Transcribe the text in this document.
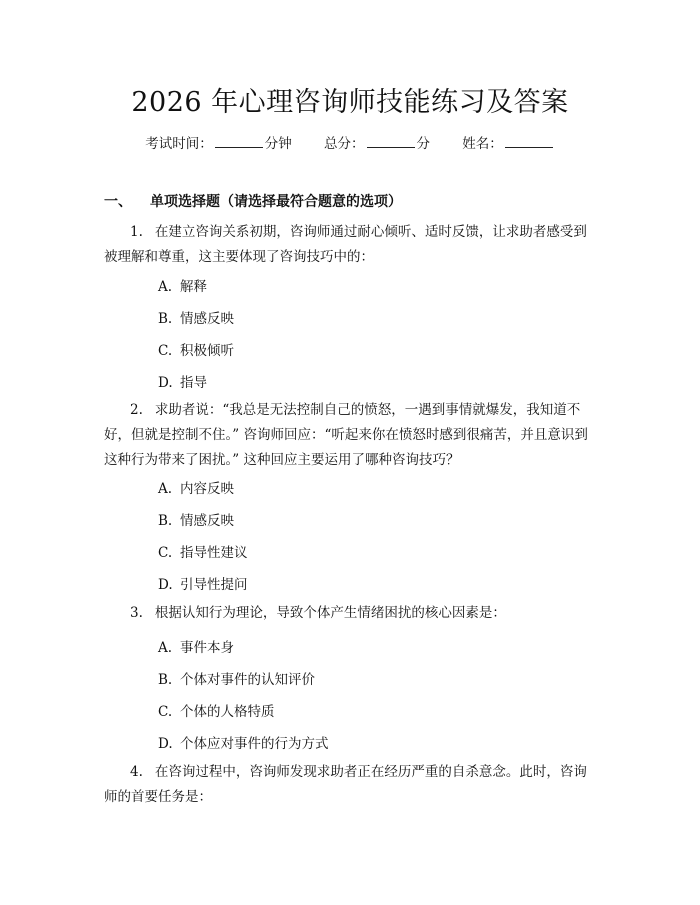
2026 年心理咨询师技能练习及答案
考试时间：	分钟 总分：	分 姓名：
一、 单项选择题（请选择最符合题意的选项）
1. 在建立咨询关系初期，咨询师通过耐心倾听、适时反馈，让求助者感受到被理解和尊重，这主要体现了咨询技巧中的：
A. 解释
B. 情感反映
C. 积极倾听
D. 指导
2. 求助者说：“我总是无法控制自己的愤怒，一遇到事情就爆发，我知道不好，但就是控制不住。” 咨询师回应：“听起来你在愤怒时感到很痛苦，并且意识到这种行为带来了困扰。” 这种回应主要运用了哪种咨询技巧？
A. 内容反映
B. 情感反映
C. 指导性建议
D. 引导性提问
3. 根据认知行为理论，导致个体产生情绪困扰的核心因素是：
A. 事件本身
B. 个体对事件的认知评价
C. 个体的人格特质
D. 个体应对事件的行为方式
4. 在咨询过程中，咨询师发现求助者正在经历严重的自杀意念。此时，咨询师的首要任务是：
